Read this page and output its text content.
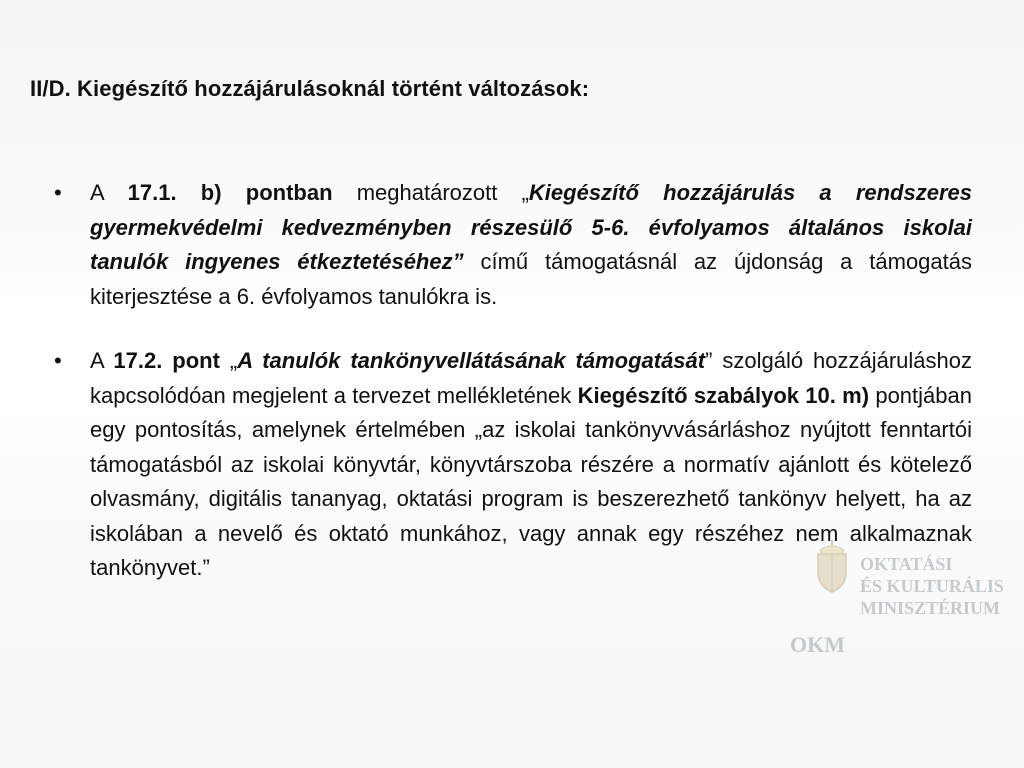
II/D. Kiegészítő hozzájárulásoknál történt változások:
• A 17.1. b) pontban meghatározott „Kiegészítő hozzájárulás a rendszeres gyermekvédelmi kedvezményben részesülő 5-6. évfolyamos általános iskolai tanulók ingyenes étkeztetéséhez” című támogatásnál az újdonság a támogatás kiterjesztése a 6. évfolyamos tanulókra is.
• A 17.2. pont „A tanulók tankönyvellátásának támogatását” szolgáló hozzájáruláshoz kapcsolódóan megjelent a tervezet mellékletének Kiegészítő szabályok 10. m) pontjában egy pontosítás, amelynek értelmében „az iskolai tankönyvvásárláshoz nyújtott fenntartói támogatásból az iskolai könyvtár, könyvtárszoba részére a normatív ajánlott és kötelező olvasmány, digitális tananyag, oktatási program is beszerezhető tankönyv helyett, ha az iskolában a nevelő és oktató munkához, vagy annak egy részéhez nem alkalmaznak tankönyvet.”	OKTATÁSI
ÉS KULTURÁLIS
MINISZTÉRIUM
OKM
